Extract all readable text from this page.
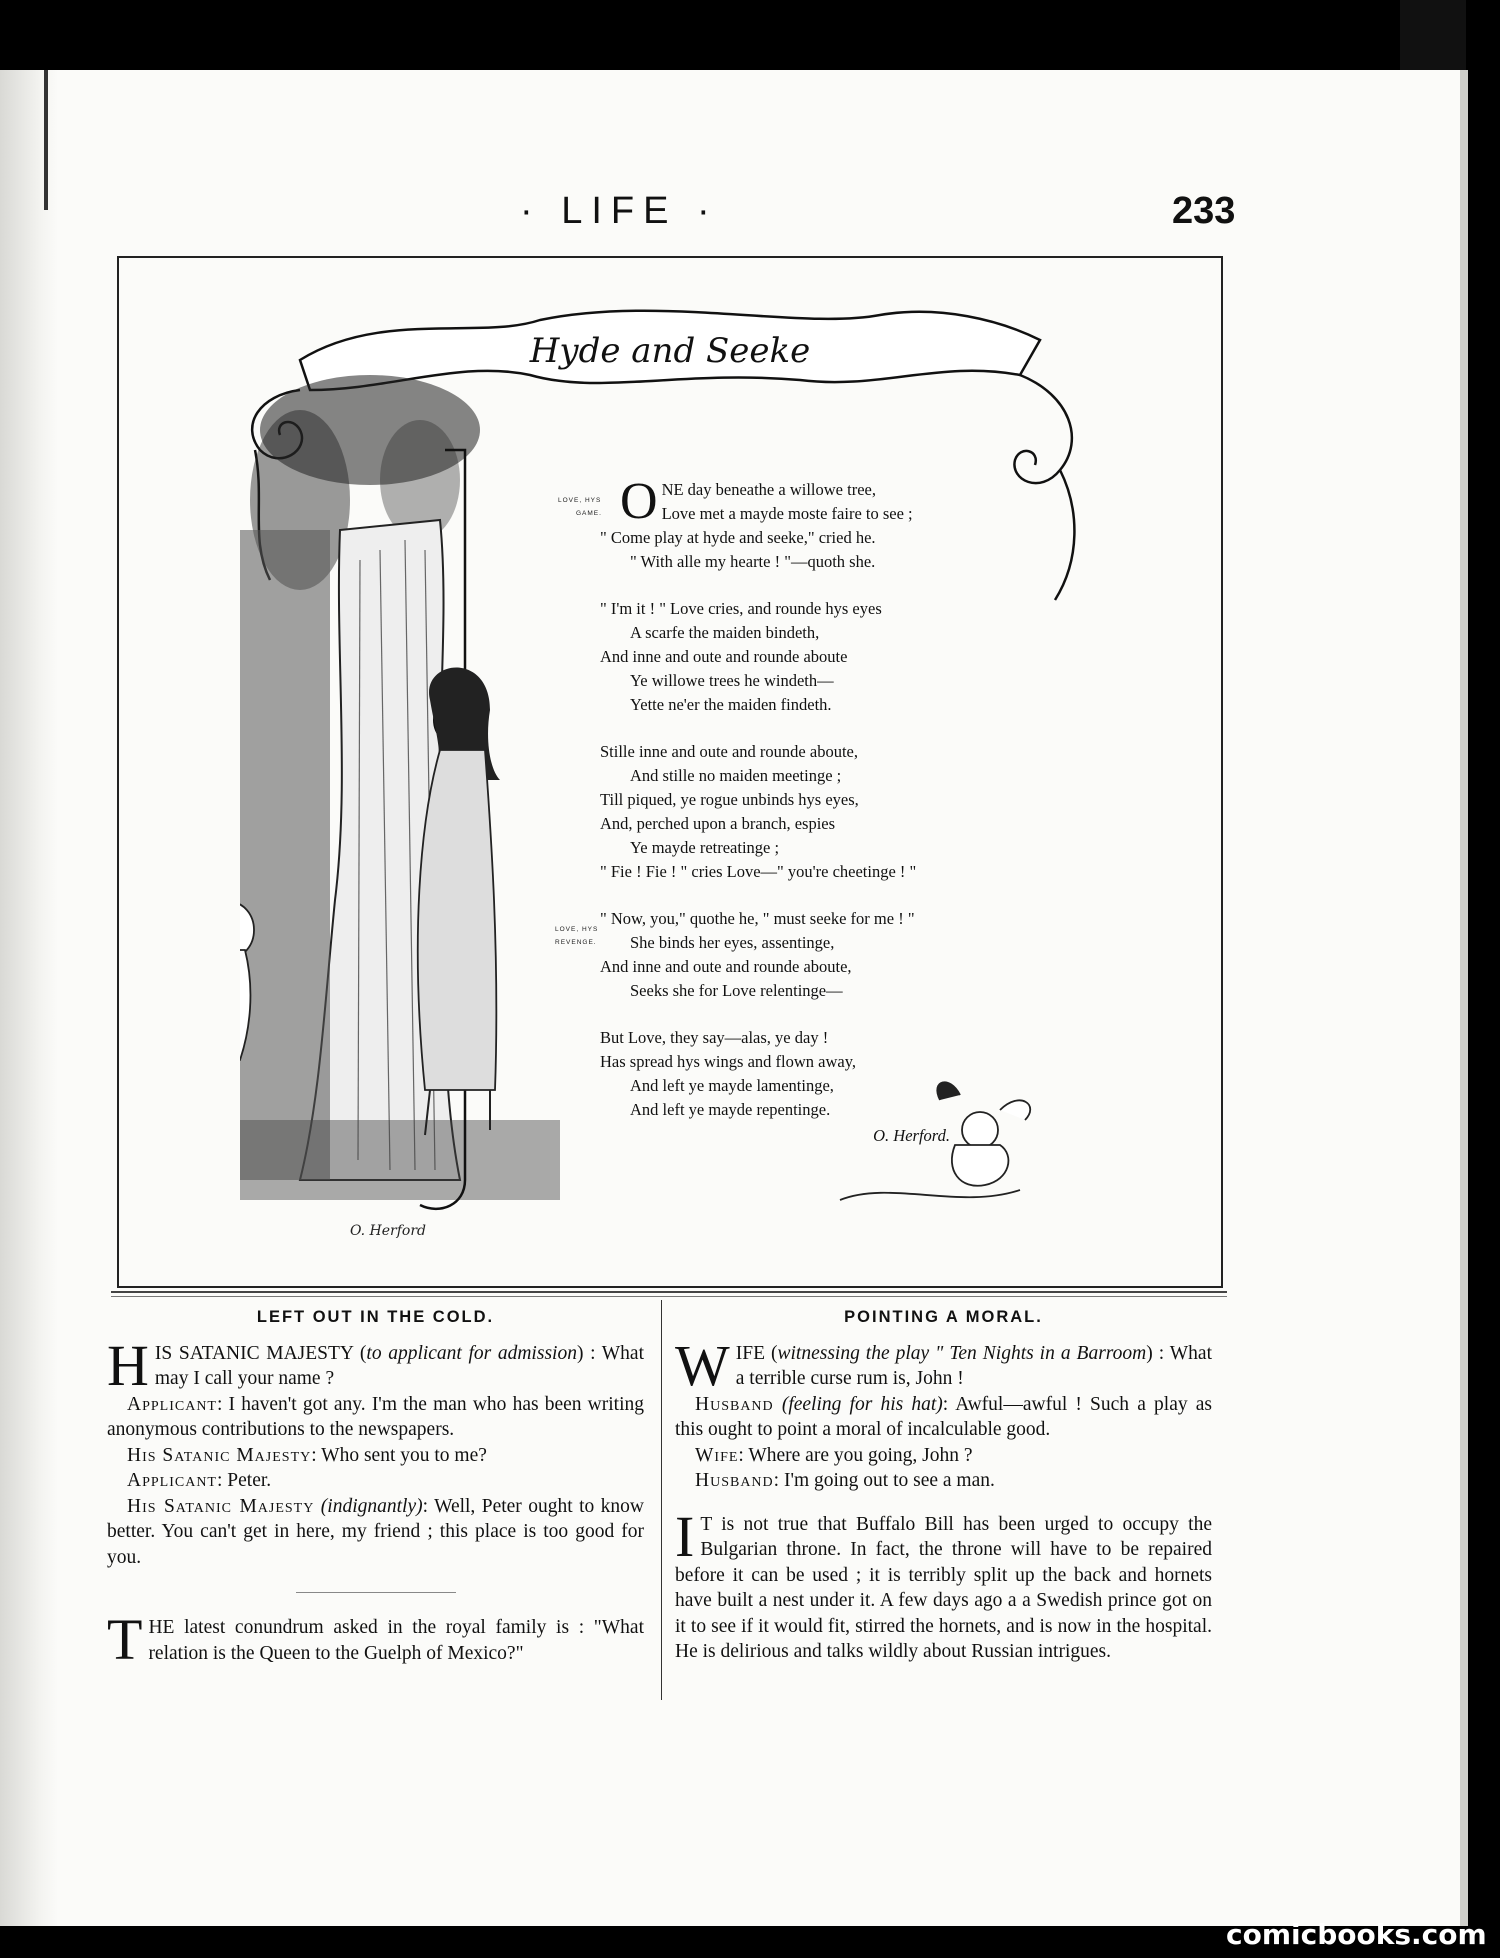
· LIFE ·	233
Hyde and Seeke
O. Herford
LOVE, HYS
GAME.
LOVE, HYS
REVENGE.
O NE day beneathe a willowe tree,
Love met a mayde moste faire to see ;
" Come play at hyde and seeke," cried he.
" With alle my hearte ! "—quoth she.
" I'm it ! " Love cries, and rounde hys eyes
A scarfe the maiden bindeth,
And inne and oute and rounde aboute
Ye willowe trees he windeth—
Yette ne'er the maiden findeth.
Stille inne and oute and rounde aboute,
And stille no maiden meetinge ;
Till piqued, ye rogue unbinds hys eyes,
And, perched upon a branch, espies
Ye mayde retreatinge ;
" Fie ! Fie ! " cries Love—" you're cheetinge ! "
" Now, you," quothe he, " must seeke for me ! "
She binds her eyes, assentinge,
And inne and oute and rounde aboute,
Seeks she for Love relentinge—
But Love, they say—alas, ye day !
Has spread hys wings and flown away,
And left ye mayde lamentinge,
And left ye mayde repentinge.
O. Herford.
LEFT OUT IN THE COLD.

HIS SATANIC MAJESTY (to applicant for admission) : What may I call your name ?

Applicant: I haven't got any. I'm the man who has been writing anonymous contributions to the newspapers.

His Satanic Majesty: Who sent you to me?

Applicant: Peter.

His Satanic Majesty (indignantly): Well, Peter ought to know better. You can't get in here, my friend ; this place is too good for you.

THE latest conundrum asked in the royal family is : "What relation is the Queen to the Guelph of Mexico?"

POINTING A MORAL.

WIFE (witnessing the play " Ten Nights in a Barroom) : What a terrible curse rum is, John !

Husband (feeling for his hat): Awful—awful ! Such a play as this ought to point a moral of incalculable good.

Wife: Where are you going, John ?

Husband: I'm going out to see a man.

I T is not true that Buffalo Bill has been urged to occupy the Bulgarian throne. In fact, the throne will have to be repaired before it can be used ; it is terribly split up the back and hornets have built a nest under it. A few days ago a a Swedish prince got on it to see if it would fit, stirred the hornets, and is now in the hospital. He is delirious and talks wildly about Russian intrigues.

comicbooks.com
